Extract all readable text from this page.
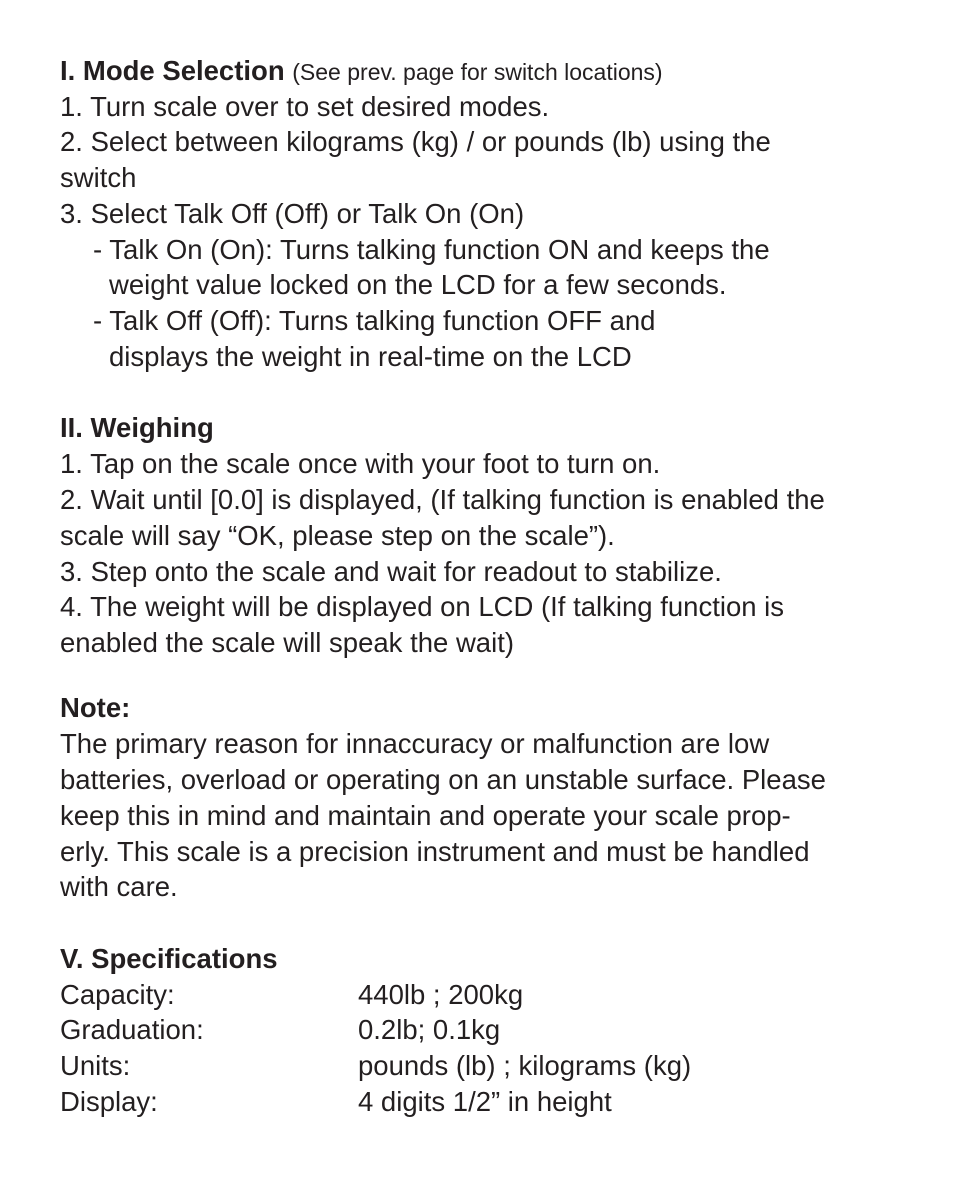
I. Mode Selection (See prev. page for switch locations)
1. Turn scale over to set desired modes.
2. Select between kilograms (kg) / or pounds (lb) using the
switch
3. Select Talk Off (Off) or Talk On (On)
- Talk On (On): Turns talking function ON and keeps the
weight value locked on the LCD for a few seconds.
- Talk Off (Off): Turns talking function OFF and
displays the weight in real-time on the LCD
II. Weighing
1. Tap on the scale once with your foot to turn on.
2. Wait until [0.0] is displayed, (If talking function is enabled the
scale will say “OK, please step on the scale”).
3. Step onto the scale and wait for readout to stabilize.
4. The weight will be displayed on LCD (If talking function is
enabled the scale will speak the wait)
Note:
The primary reason for innaccuracy or malfunction are low
batteries, overload or operating on an unstable surface. Please
keep this in mind and maintain and operate your scale prop-
erly. This scale is a precision instrument and must be handled
with care.
V. Specifications
Capacity:	440lb ; 200kg
Graduation:	0.2lb; 0.1kg
Units:	pounds (lb) ; kilograms (kg)
Display:	4 digits 1/2” in height
